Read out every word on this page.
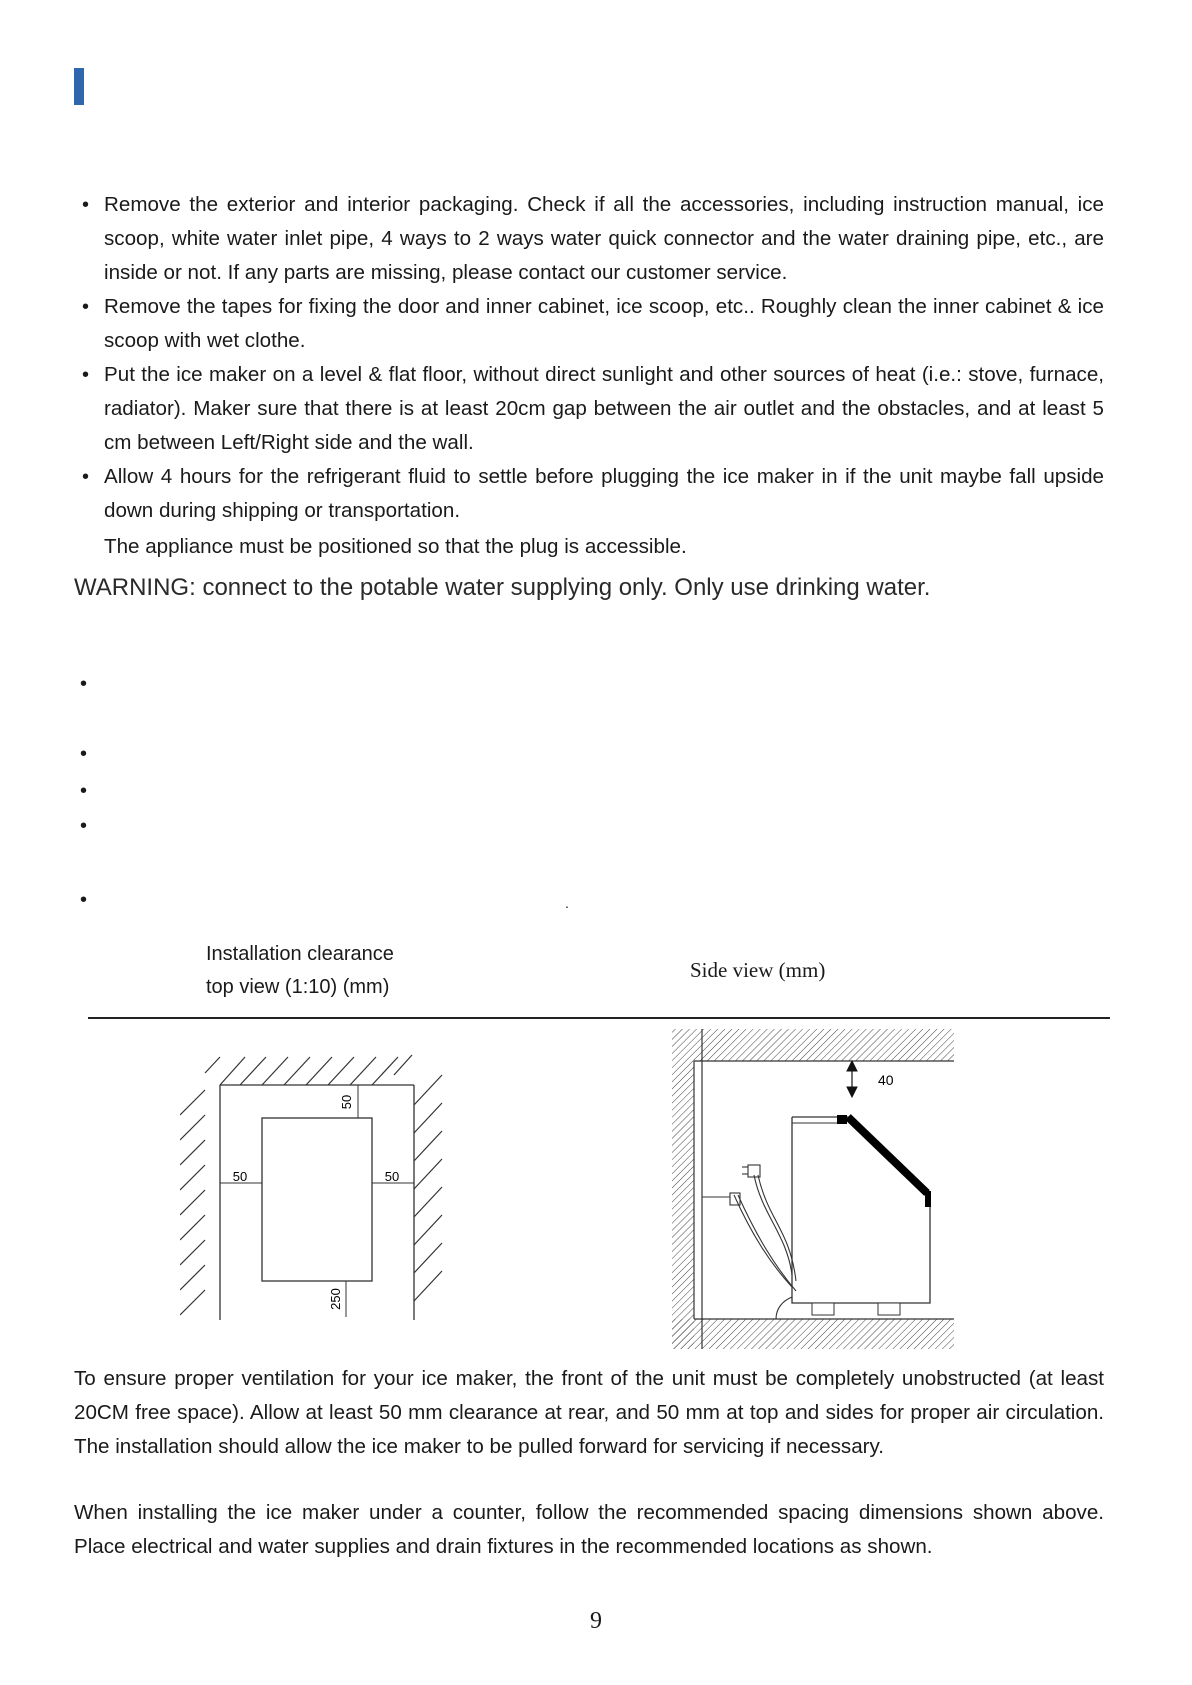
• Remove the exterior and interior packaging. Check if all the accessories, including instruction manual, ice scoop, white water inlet pipe, 4 ways to 2 ways water quick connector and the water draining pipe, etc., are inside or not. If any parts are missing, please contact our customer service.
• Remove the tapes for fixing the door and inner cabinet, ice scoop, etc.. Roughly clean the inner cabinet & ice scoop with wet clothe.
• Put the ice maker on a level & flat floor, without direct sunlight and other sources of heat (i.e.: stove, furnace, radiator). Maker sure that there is at least 20cm gap between the air outlet and the obstacles, and at least 5 cm between Left/Right side and the wall.
• Allow 4 hours for the refrigerant fluid to settle before plugging the ice maker in if the unit maybe fall upside down during shipping or transportation.
The appliance must be positioned so that the plug is accessible.
WARNING: connect to the potable water supplying only. Only use drinking water.
•
•
•
•
•	.
Installation clearance
top view (1:10) (mm)
Side view (mm)
50
50	50
250
40
To ensure proper ventilation for your ice maker, the front of the unit must be completely unobstructed (at least 20CM free space). Allow at least 50 mm clearance at rear, and 50 mm at top and sides for proper air circulation. The installation should allow the ice maker to be pulled forward for servicing if necessary.
When installing the ice maker under a counter, follow the recommended spacing dimensions shown above. Place electrical and water supplies and drain fixtures in the recommended locations as shown.
9
